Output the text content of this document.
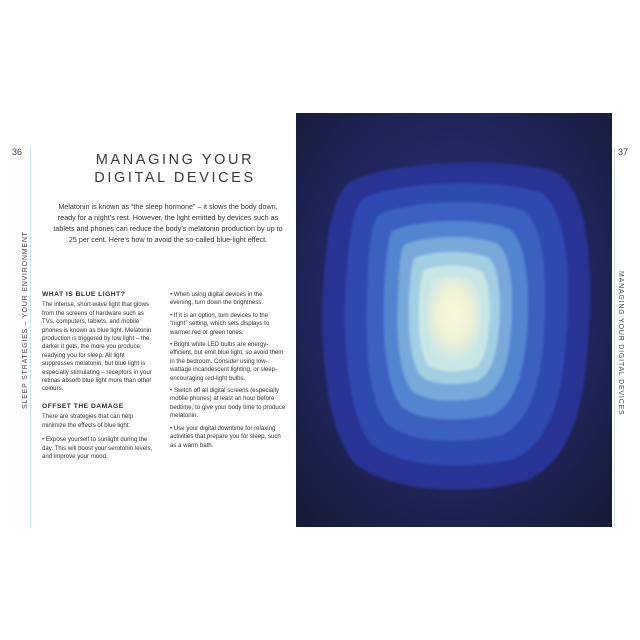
36
SLEEP STRATEGIES – YOUR ENVIRONMENT
MANAGING YOUR
DIGITAL DEVICES
Melatonin is known as “the sleep hormone” – it slows the body down, ready for a night’s rest. However, the light emitted by devices such as tablets and phones can reduce the body’s melatonin production by up to 25 per cent. Here’s how to avoid the so-called blue-light effect.
WHAT IS BLUE LIGHT?

The intense, short-wave light that glows from the screens of hardware such as TVs, computers, tablets, and mobile phones is known as blue light. Melatonin production is triggered by low light – the darker it gets, the more you produce, readying you for sleep. All light suppresses melatonin, but blue light is especially stimulating – receptors in your retinas absorb blue light more than other colours.

OFFSET THE DAMAGE

There are strategies that can help minimize the effects of blue light:

• Expose yourself to sunlight during the day. This will boost your serotonin levels, and improve your mood.

• When using digital devices in the evening, turn down the brightness.

• If it is an option, turn devices to the “night” setting, which sets displays to warmer red or green tones.

• Bright white LED bulbs are energy-efficient, but emit blue light, so avoid them in the bedroom. Consider using low-wattage incandescent lighting, or sleep-encouraging red-light bulbs.

• Switch off all digital screens (especially mobile phones) at least an hour before bedtime, to give your body time to produce melatonin.

• Use your digital downtime for relaxing activities that prepare you for sleep, such as a warm bath.

37
MANAGING YOUR DIGITAL DEVICES
